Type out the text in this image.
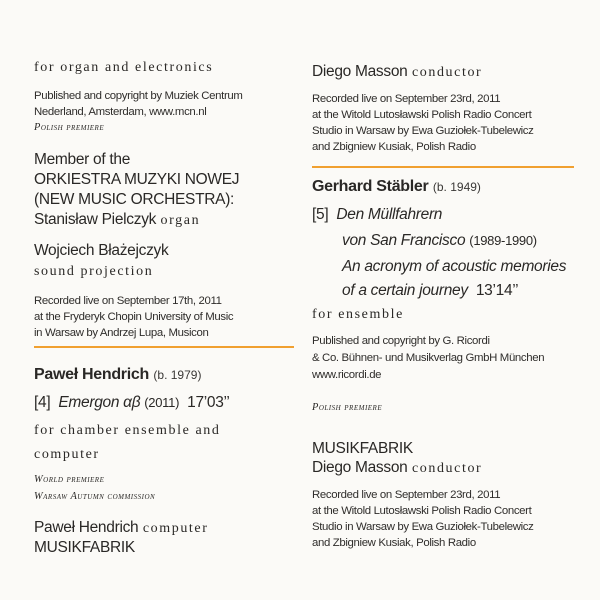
for organ and electronics
Published and copyright by Muziek Centrum
Nederland, Amsterdam, www.mcn.nl
Polish premiere
Member of the
ORKIESTRA MUZYKI NOWEJ
(NEW MUSIC ORCHESTRA):
Stanisław Pielczyk organ
Wojciech Błażejczyk
sound projection
Recorded live on September 17th, 2011
at the Fryderyk Chopin University of Music
in Warsaw by Andrzej Lupa, Musicon
Paweł Hendrich (b. 1979)
[4] Emergon αβ (2011) 17’03’’
for chamber ensemble and
computer
World premiere
Warsaw Autumn commission
Paweł Hendrich computer
MUSIKFABRIK
Diego Masson conductor
Recorded live on September 23rd, 2011
at the Witold Lutosławski Polish Radio Concert
Studio in Warsaw by Ewa Guziołek-Tubelewicz
and Zbigniew Kusiak, Polish Radio
Gerhard Stäbler (b. 1949)
[5] Den Müllfahrern
von San Francisco (1989-1990)
An acronym of acoustic memories
of a certain journey 13’14’’
for ensemble
Published and copyright by G. Ricordi
& Co. Bühnen- und Musikverlag GmbH München
www.ricordi.de
Polish premiere
MUSIKFABRIK
Diego Masson conductor
Recorded live on September 23rd, 2011
at the Witold Lutosławski Polish Radio Concert
Studio in Warsaw by Ewa Guziołek-Tubelewicz
and Zbigniew Kusiak, Polish Radio
